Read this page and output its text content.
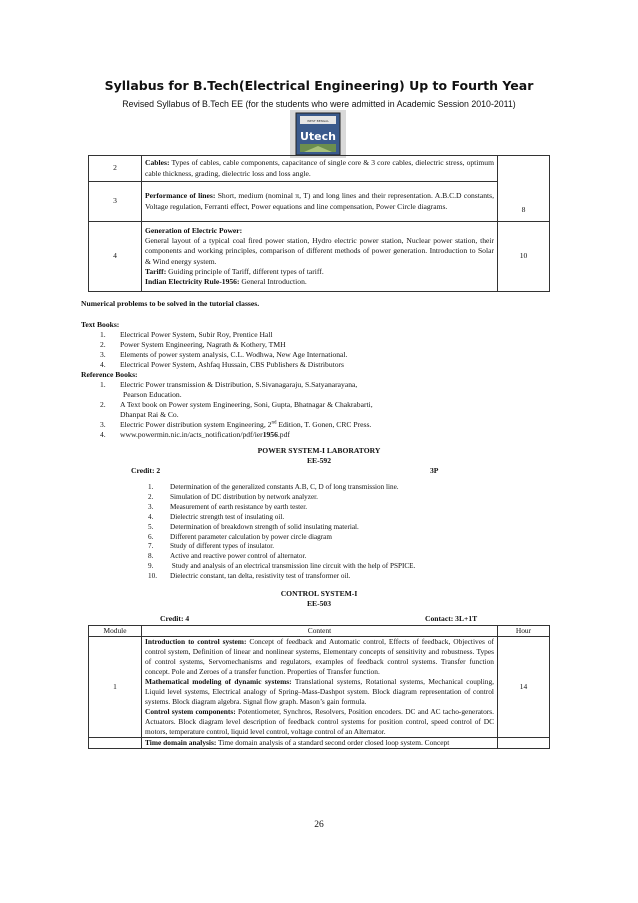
Syllabus for B.Tech(Electrical Engineering) Up to Fourth Year
Revised Syllabus of B.Tech EE (for the students who were admitted in Academic Session 2010-2011)
WEST BENGAL
Utech
2	Cables: Types of cables, cable components, capacitance of single core & 3 core cables, dielectric stress, optimum cable thickness, grading, dielectric loss and loss angle.	8
3	Performance of lines: Short, medium (nominal π, T) and long lines and their representation. A.B.C.D constants, Voltage regulation, Ferranti effect, Power equations and line compensation, Power Circle diagrams.	
4	Generation of Electric Power:

General layout of a typical coal fired power station, Hydro electric power station, Nuclear power station, their components and working principles, comparison of different methods of power generation. Introduction to Solar & Wind energy system.

Tariff: Guiding principle of Tariff, different types of tariff.

Indian Electricity Rule-1956: General Introduction.	10
Numerical problems to be solved in the tutorial classes.
Text Books:
1. Electrical Power System, Subir Roy, Prentice Hall
2. Power System Engineering, Nagrath & Kothery, TMH
3. Elements of power system analysis, C.L. Wodhwa, New Age International.
4. Electrical Power System, Ashfaq Hussain, CBS Publishers & Distributors
Reference Books:
1. Electric Power transmission & Distribution, S.Sivanagaraju, S.Satyanarayana,
Pearson Education.
2. A Text book on Power system Engineering, Soni, Gupta, Bhatnagar & Chakrabarti,
Dhanpat Rai & Co.
3. Electric Power distribution system Engineering, 2nd Edition, T. Gonen, CRC Press.
4. www.powermin.nic.in/acts_notification/pdf/ier1956.pdf
POWER SYSTEM-I LABORATORY
EE-592
Credit: 2	3P
1. Determination of the generalized constants A.B, C, D of long transmission line.
2. Simulation of DC distribution by network analyzer.
3. Measurement of earth resistance by earth tester.
4. Dielectric strength test of insulating oil.
5. Determination of breakdown strength of solid insulating material.
6. Different parameter calculation by power circle diagram
7. Study of different types of insulator.
8. Active and reactive power control of alternator.
9. Study and analysis of an electrical transmission line circuit with the help of PSPICE.
10. Dielectric constant, tan delta, resistivity test of transformer oil.
CONTROL SYSTEM-I
EE-503
Credit: 4	Contact: 3L+1T
Module	Content	Hour
1	Introduction to control system: Concept of feedback and Automatic control, Effects of feedback, Objectives of control system, Definition of linear and nonlinear systems, Elementary concepts of sensitivity and robustness. Types of control systems, Servomechanisms and regulators, examples of feedback control systems. Transfer function concept. Pole and Zeroes of a transfer function. Properties of Transfer function.

Mathematical modeling of dynamic systems: Translational systems, Rotational systems, Mechanical coupling, Liquid level systems, Electrical analogy of Spring–Mass-Dashpot system. Block diagram representation of control systems. Block diagram algebra. Signal flow graph. Mason’s gain formula.

Control system components: Potentiometer, Synchros, Resolvers, Position encoders. DC and AC tacho-generators. Actuators. Block diagram level description of feedback control systems for position control, speed control of DC motors, temperature control, liquid level control, voltage control of an Alternator.	14
	Time domain analysis: Time domain analysis of a standard second order closed loop system. Concept	
26
